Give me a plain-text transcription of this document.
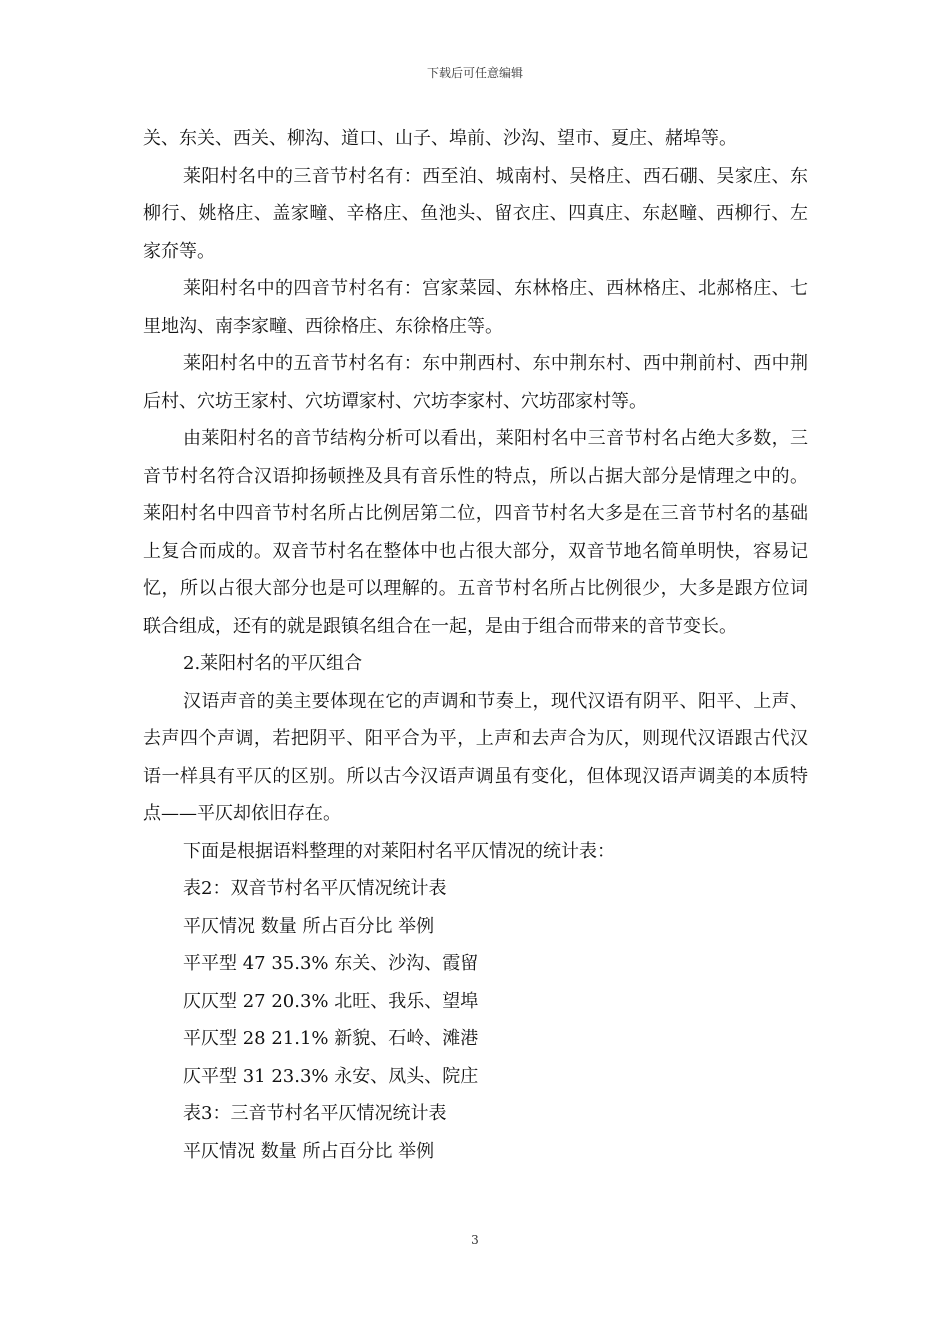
下载后可任意编辑

关、东关、西关、柳沟、道口、山子、埠前、沙沟、望市、夏庄、赭埠等。

莱阳村名中的三音节村名有：西至泊、城南村、吴格庄、西石硼、吴家庄、东柳行、姚格庄、盖家疃、辛格庄、鱼池头、留衣庄、四真庄、东赵疃、西柳行、左家夼等。

莱阳村名中的四音节村名有：宫家菜园、东林格庄、西林格庄、北郝格庄、七里地沟、南李家疃、西徐格庄、东徐格庄等。

莱阳村名中的五音节村名有：东中荆西村、东中荆东村、西中荆前村、西中荆后村、穴坊王家村、穴坊谭家村、穴坊李家村、穴坊邵家村等。

由莱阳村名的音节结构分析可以看出，莱阳村名中三音节村名占绝大多数，三音节村名符合汉语抑扬顿挫及具有音乐性的特点，所以占据大部分是情理之中的。莱阳村名中四音节村名所占比例居第二位，四音节村名大多是在三音节村名的基础上复合而成的。双音节村名在整体中也占很大部分，双音节地名简单明快，容易记忆，所以占很大部分也是可以理解的。五音节村名所占比例很少，大多是跟方位词联合组成，还有的就是跟镇名组合在一起，是由于组合而带来的音节变长。

2.莱阳村名的平仄组合

汉语声音的美主要体现在它的声调和节奏上，现代汉语有阴平、阳平、上声、去声四个声调，若把阴平、阳平合为平，上声和去声合为仄，则现代汉语跟古代汉语一样具有平仄的区别。所以古今汉语声调虽有变化，但体现汉语声调美的本质特点——平仄却依旧存在。

下面是根据语料整理的对莱阳村名平仄情况的统计表：

表2：双音节村名平仄情况统计表

平仄情况 数量 所占百分比 举例

平平型 47 35.3% 东关、沙沟、霞留

仄仄型 27 20.3% 北旺、我乐、望埠

平仄型 28 21.1% 新貌、石岭、滩港

仄平型 31 23.3% 永安、凤头、院庄

表3：三音节村名平仄情况统计表

平仄情况 数量 所占百分比 举例

3
